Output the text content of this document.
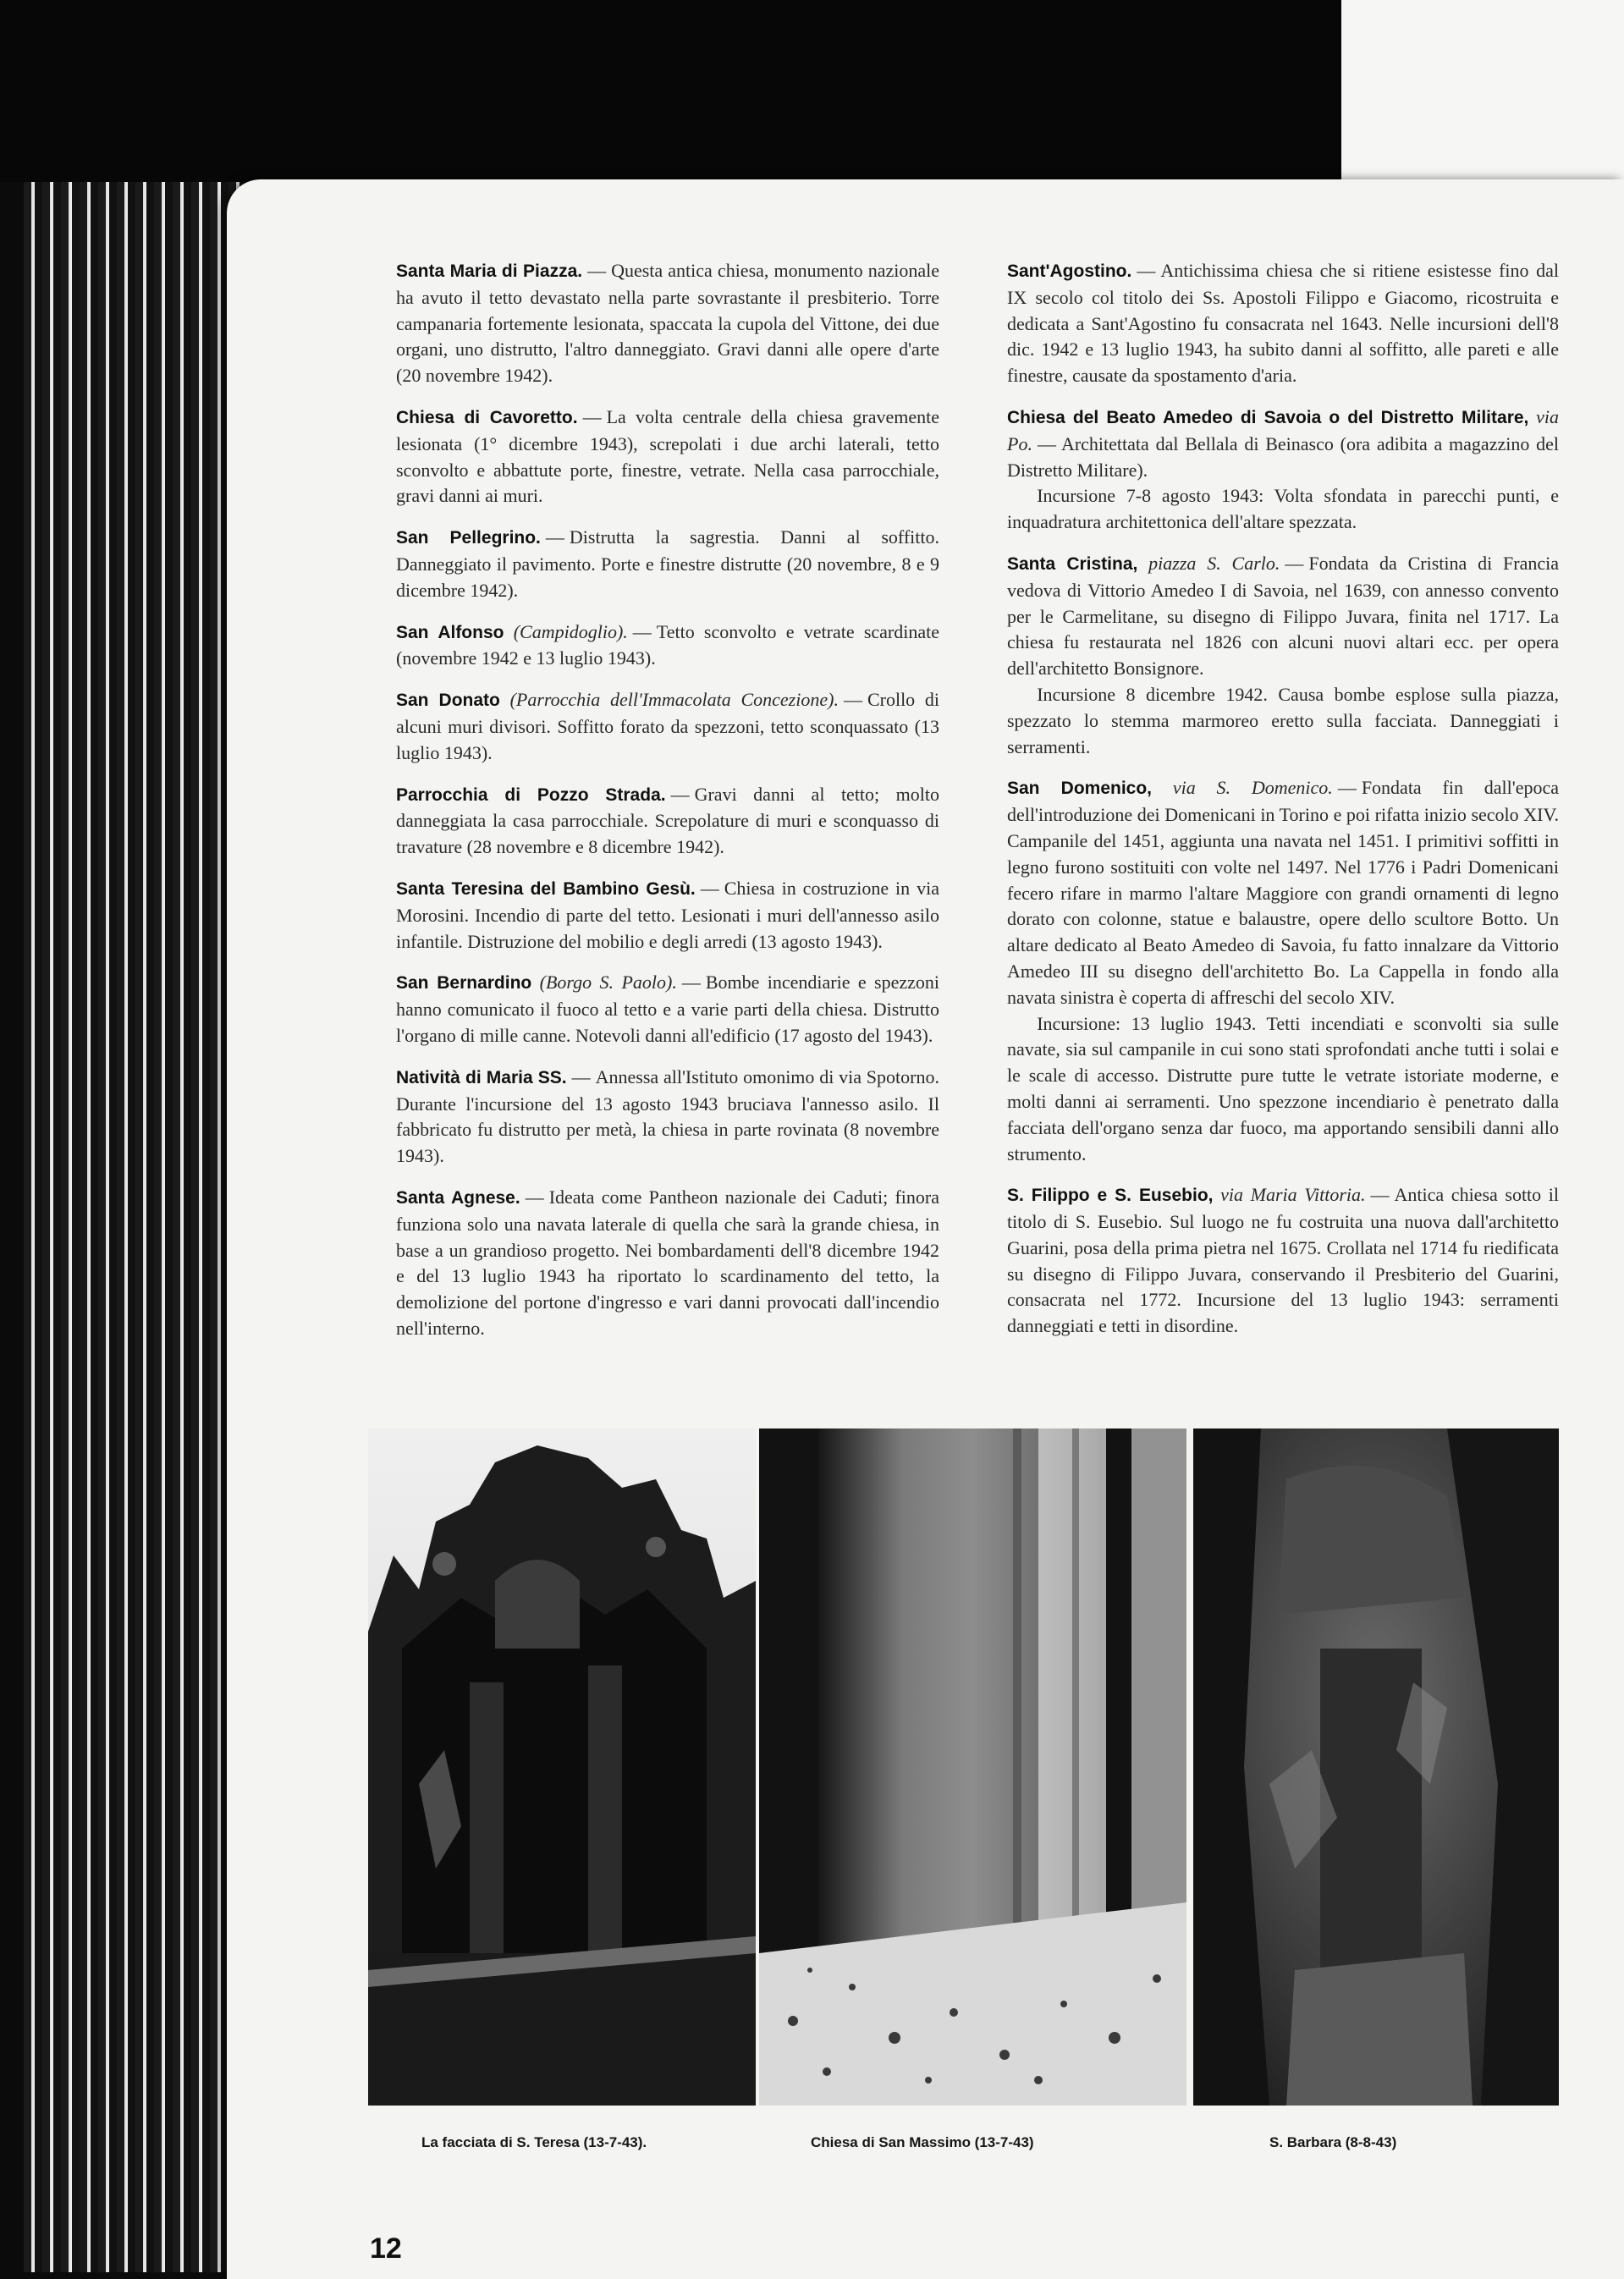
Santa Maria di Piazza. — Questa antica chiesa, monumento nazionale ha avuto il tetto devastato nella parte sovrastante il presbiterio. Torre campanaria fortemente lesionata, spaccata la cupola del Vittone, dei due organi, uno distrutto, l'altro danneggiato. Gravi danni alle opere d'arte (20 novembre 1942).

Chiesa di Cavoretto. — La volta centrale della chiesa gravemente lesionata (1° dicembre 1943), screpolati i due archi laterali, tetto sconvolto e abbattute porte, finestre, vetrate. Nella casa parrocchiale, gravi danni ai muri.

San Pellegrino. — Distrutta la sagrestia. Danni al soffitto. Danneggiato il pavimento. Porte e finestre distrutte (20 novembre, 8 e 9 dicembre 1942).

San Alfonso (Campidoglio). — Tetto sconvolto e vetrate scardinate (novembre 1942 e 13 luglio 1943).

San Donato (Parrocchia dell'Immacolata Concezione). — Crollo di alcuni muri divisori. Soffitto forato da spezzoni, tetto sconquassato (13 luglio 1943).

Parrocchia di Pozzo Strada. — Gravi danni al tetto; molto danneggiata la casa parrocchiale. Screpolature di muri e sconquasso di travature (28 novembre e 8 dicembre 1942).

Santa Teresina del Bambino Gesù. — Chiesa in costruzione in via Morosini. Incendio di parte del tetto. Lesionati i muri dell'annesso asilo infantile. Distruzione del mobilio e degli arredi (13 agosto 1943).

San Bernardino (Borgo S. Paolo). — Bombe incendiarie e spezzoni hanno comunicato il fuoco al tetto e a varie parti della chiesa. Distrutto l'organo di mille canne. Notevoli danni all'edificio (17 agosto del 1943).

Natività di Maria SS. — Annessa all'Istituto omonimo di via Spotorno. Durante l'incursione del 13 agosto 1943 bruciava l'annesso asilo. Il fabbricato fu distrutto per metà, la chiesa in parte rovinata (8 novembre 1943).

Santa Agnese. — Ideata come Pantheon nazionale dei Caduti; finora funziona solo una navata laterale di quella che sarà la grande chiesa, in base a un grandioso progetto. Nei bombardamenti dell'8 dicembre 1942 e del 13 luglio 1943 ha riportato lo scardinamento del tetto, la demolizione del portone d'ingresso e vari danni provocati dall'incendio nell'interno.

Sant'Agostino. — Antichissima chiesa che si ritiene esistesse fino dal IX secolo col titolo dei Ss. Apostoli Filippo e Giacomo, ricostruita e dedicata a Sant'Agostino fu consacrata nel 1643. Nelle incursioni dell'8 dic. 1942 e 13 luglio 1943, ha subito danni al soffitto, alle pareti e alle finestre, causate da spostamento d'aria.

Chiesa del Beato Amedeo di Savoia o del Distretto Militare, via Po. — Architettata dal Bellala di Beinasco (ora adibita a magazzino del Distretto Militare).

Incursione 7-8 agosto 1943: Volta sfondata in parecchi punti, e inquadratura architettonica dell'altare spezzata.

Santa Cristina, piazza S. Carlo. — Fondata da Cristina di Francia vedova di Vittorio Amedeo I di Savoia, nel 1639, con annesso convento per le Carmelitane, su disegno di Filippo Juvara, finita nel 1717. La chiesa fu restaurata nel 1826 con alcuni nuovi altari ecc. per opera dell'architetto Bonsignore.

Incursione 8 dicembre 1942. Causa bombe esplose sulla piazza, spezzato lo stemma marmoreo eretto sulla facciata. Danneggiati i serramenti.

San Domenico, via S. Domenico. — Fondata fin dall'epoca dell'introduzione dei Domenicani in Torino e poi rifatta inizio secolo XIV. Campanile del 1451, aggiunta una navata nel 1451. I primitivi soffitti in legno furono sostituiti con volte nel 1497. Nel 1776 i Padri Domenicani fecero rifare in marmo l'altare Maggiore con grandi ornamenti di legno dorato con colonne, statue e balaustre, opere dello scultore Botto. Un altare dedicato al Beato Amedeo di Savoia, fu fatto innalzare da Vittorio Amedeo III su disegno dell'architetto Bo. La Cappella in fondo alla navata sinistra è coperta di affreschi del secolo XIV.

Incursione: 13 luglio 1943. Tetti incendiati e sconvolti sia sulle navate, sia sul campanile in cui sono stati sprofondati anche tutti i solai e le scale di accesso. Distrutte pure tutte le vetrate istoriate moderne, e molti danni ai serramenti. Uno spezzone incendiario è penetrato dalla facciata dell'organo senza dar fuoco, ma apportando sensibili danni allo strumento.

S. Filippo e S. Eusebio, via Maria Vittoria. — Antica chiesa sotto il titolo di S. Eusebio. Sul luogo ne fu costruita una nuova dall'architetto Guarini, posa della prima pietra nel 1675. Crollata nel 1714 fu riedificata su disegno di Filippo Juvara, conservando il Presbiterio del Guarini, consacrata nel 1772. Incursione del 13 luglio 1943: serramenti danneggiati e tetti in disordine.

La facciata di S. Teresa (13-7-43).	Chiesa di San Massimo (13-7-43)	S. Barbara (8-8-43)
12
